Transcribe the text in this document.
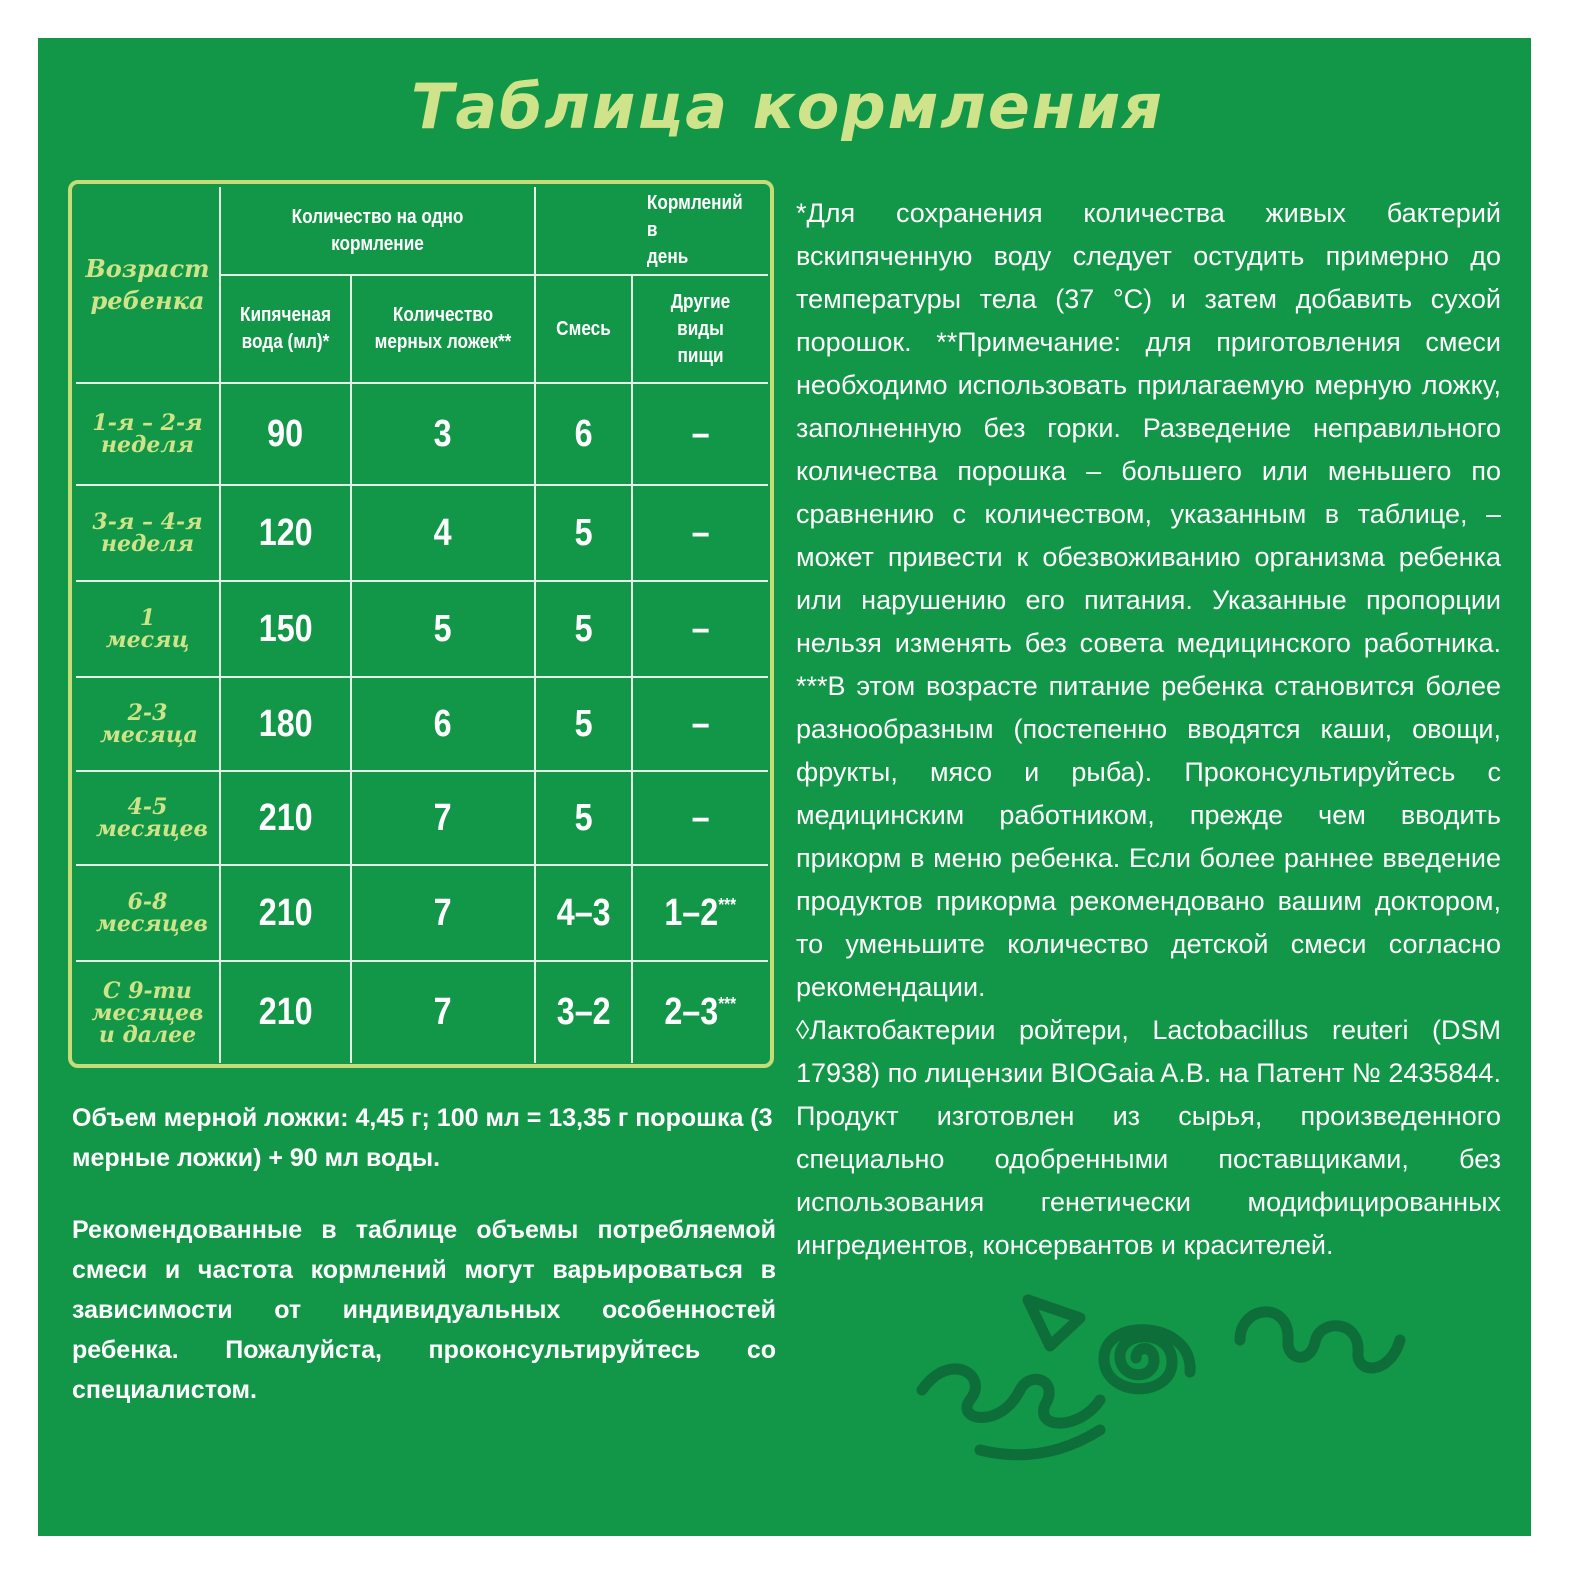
Таблица кормления
Возраст ребенка	Количество на одно кормление		Кормлений в день	

	Кипяченая вода (мл)*	Количество мерных ложек**	Смесь	Другие виды пищи

1-я – 2-я неделя	90	3	6	–

3-я – 4-я неделя	120	4	5	–

1 месяц	150	5	5	–

2-3 месяца	180	6	5	–

4-5 месяцев	210	7	5	–

6-8 месяцев	210	7	4–3	1–2***

С 9-ти месяцев и далее	210	7	3–2	2–3***

Объем мерной ложки: 4,45 г; 100 мл = 13,35 г порошка (3 мерные ложки) + 90 мл воды.

Рекомендованные в таблице объемы потребляемой смеси и частота кормлений могут варьироваться в зависимости от индивидуальных особенностей ребенка. Пожалуйста, проконсультируйтесь со специалистом.

*Для сохранения количества живых бактерий вскипяченную воду следует остудить примерно до температуры тела (37 °С) и затем добавить сухой порошок. **Примечание: для приготовления смеси необходимо использовать прилагаемую мерную ложку, заполненную без горки. Разведение неправильного количества порошка – большего или меньшего по сравнению с количеством, указанным в таблице, – может привести к обезвоживанию организма ребенка или нарушению его питания. Указанные пропорции нельзя изменять без совета медицинского работника. ***В этом возрасте питание ребенка становится более разнообразным (постепенно вводятся каши, овощи, фрукты, мясо и рыба). Проконсультируйтесь с медицинским работником, прежде чем вводить прикорм в меню ребенка. Если более раннее введение продуктов прикорма рекомендовано вашим доктором, то уменьшите количество детской смеси согласно рекомендации.

◊Лактобактерии ройтери, Lactobacillus reuteri (DSM 17938) по лицензии BIOGaia A.B. на Патент № 2435844.

Продукт изготовлен из сырья, произведенного специально одобренными поставщиками, без использования генетически модифицированных ингредиентов, консервантов и красителей.
